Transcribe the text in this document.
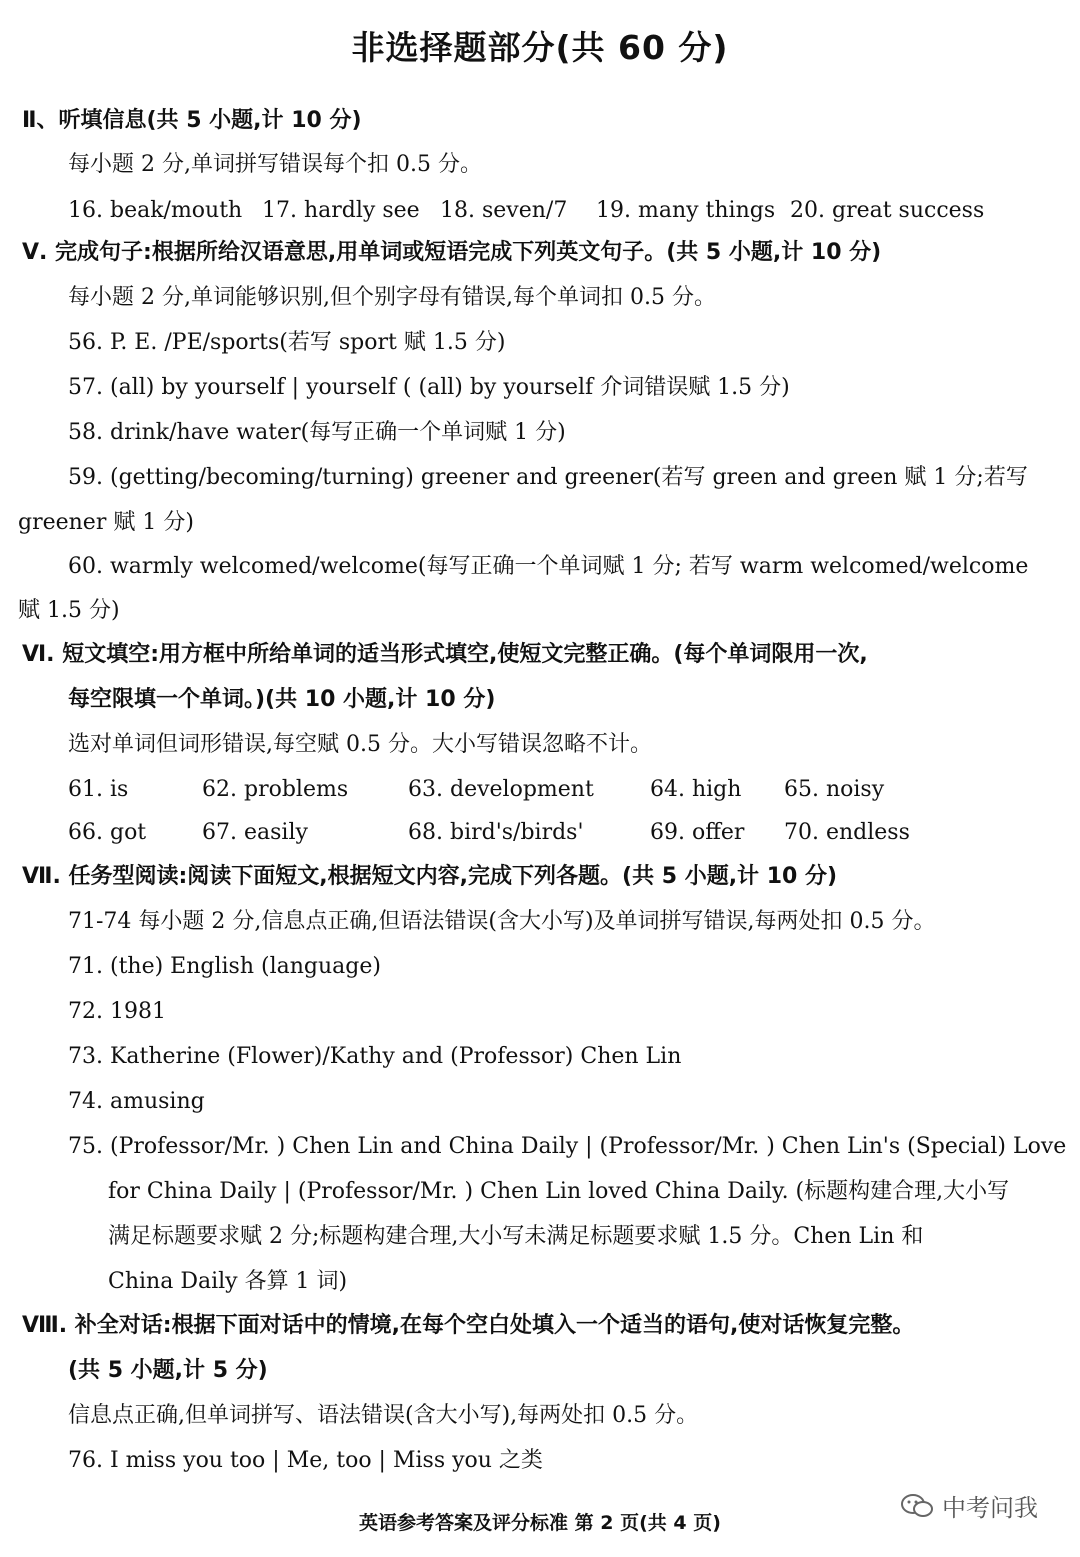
非选择题部分(共 60 分)
Ⅱ、听填信息(共 5 小题,计 10 分)
每小题 2 分,单词拼写错误每个扣 0.5 分。
16. beak/mouth 17. hardly see 18. seven/7 19. many things 20. great success
Ⅴ. 完成句子:根据所给汉语意思,用单词或短语完成下列英文句子。(共 5 小题,计 10 分)
每小题 2 分,单词能够识别,但个别字母有错误,每个单词扣 0.5 分。
56. P. E. /PE/sports(若写 sport 赋 1.5 分)
57. (all) by yourself | yourself ( (all) by yourself 介词错误赋 1.5 分)
58. drink/have water(每写正确一个单词赋 1 分)
59. (getting/becoming/turning) greener and greener(若写 green and green 赋 1 分;若写
greener 赋 1 分)
60. warmly welcomed/welcome(每写正确一个单词赋 1 分; 若写 warm welcomed/welcome
赋 1.5 分)
Ⅵ. 短文填空:用方框中所给单词的适当形式填空,使短文完整正确。(每个单词限用一次,
每空限填一个单词。)(共 10 小题,计 10 分)
选对单词但词形错误,每空赋 0.5 分。大小写错误忽略不计。
61. is	62. problems	63. development	64. high 65. noisy
66. got	67. easily	68. bird's/birds'	69. offer 70. endless
Ⅶ. 任务型阅读:阅读下面短文,根据短文内容,完成下列各题。(共 5 小题,计 10 分)
71-74 每小题 2 分,信息点正确,但语法错误(含大小写)及单词拼写错误,每两处扣 0.5 分。
71. (the) English (language)
72. 1981
73. Katherine (Flower)/Kathy and (Professor) Chen Lin
74. amusing
75. (Professor/Mr. ) Chen Lin and China Daily | (Professor/Mr. ) Chen Lin's (Special) Love
for China Daily | (Professor/Mr. ) Chen Lin loved China Daily. (标题构建合理,大小写
满足标题要求赋 2 分;标题构建合理,大小写未满足标题要求赋 1.5 分。Chen Lin 和
China Daily 各算 1 词)
Ⅷ. 补全对话:根据下面对话中的情境,在每个空白处填入一个适当的语句,使对话恢复完整。
(共 5 小题,计 5 分)
信息点正确,但单词拼写、语法错误(含大小写),每两处扣 0.5 分。
76. I miss you too | Me, too | Miss you 之类
英语参考答案及评分标准 第 2 页(共 4 页)
中考问我
